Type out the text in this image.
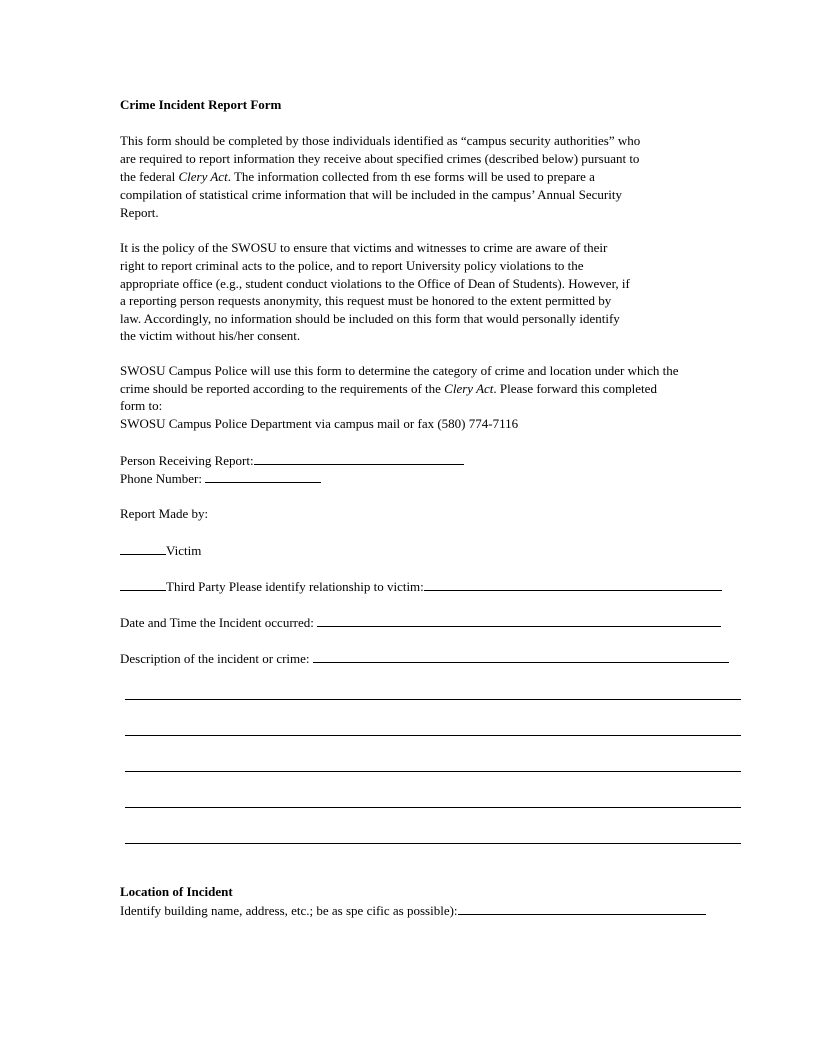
Crime Incident Report Form
This form should be completed by those individuals identified as “campus security authorities” who
are required to report information they receive about specified crimes (described below) pursuant to
the federal Clery Act. The information collected from th ese forms will be used to prepare a
compilation of statistical crime information that will be included in the campus’ Annual Security
Report.
It is the policy of the SWOSU to ensure that victims and witnesses to crime are aware of their
right to report criminal acts to the police, and to report University policy violations to the
appropriate office (e.g., student conduct violations to the Office of Dean of Students). However, if
a reporting person requests anonymity, this request must be honored to the extent permitted by
law. Accordingly, no information should be included on this form that would personally identify
the victim without his/her consent.
SWOSU Campus Police will use this form to determine the category of crime and location under which the
crime should be reported according to the requirements of the Clery Act. Please forward this completed
form to:
SWOSU Campus Police Department via campus mail or fax (580) 774-7116
Person Receiving Report:
Phone Number:
Report Made by:
Victim
Third Party Please identify relationship to victim:
Date and Time the Incident occurred:
Description of the incident or crime:
Location of Incident
Identify building name, address, etc.; be as spe cific as possible):
